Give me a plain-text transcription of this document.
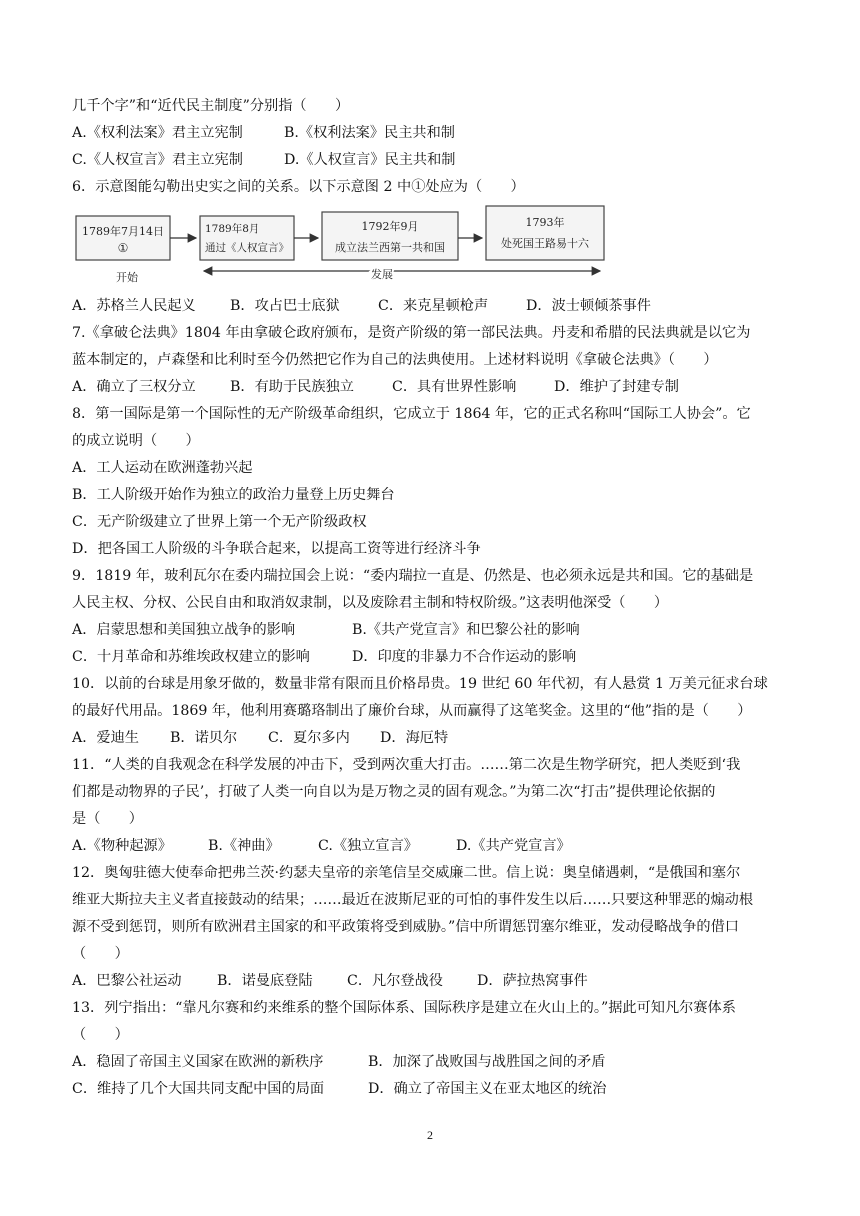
几千个字”和“近代民主制度”分别指（　　）
A.《权利法案》君主立宪制	B.《权利法案》民主共和制
C.《人权宣言》君主立宪制	D.《人权宣言》民主共和制
6．示意图能勾勒出史实之间的关系。以下示意图 2 中①处应为（　　）
1789年7月14日
①
1789年8月
通过《人权宣言》
1792年9月
成立法兰西第一共和国
1793年
处死国王路易十六
开始	发展
A．苏格兰人民起义 B．攻占巴士底狱	C．来克星顿枪声	D．波士顿倾茶事件
7.《拿破仑法典》1804 年由拿破仑政府颁布，是资产阶级的第一部民法典。丹麦和希腊的民法典就是以它为
蓝本制定的，卢森堡和比利时至今仍然把它作为自己的法典使用。上述材料说明《拿破仑法典》（　　）
A．确立了三权分立 B．有助于民族独立	C．具有世界性影响	D．维护了封建专制
8．第一国际是第一个国际性的无产阶级革命组织，它成立于 1864 年，它的正式名称叫“国际工人协会”。它
的成立说明（　　）
A．工人运动在欧洲蓬勃兴起
B．工人阶级开始作为独立的政治力量登上历史舞台
C．无产阶级建立了世界上第一个无产阶级政权
D．把各国工人阶级的斗争联合起来，以提高工资等进行经济斗争
9．1819 年，玻利瓦尔在委内瑞拉国会上说：“委内瑞拉一直是、仍然是、也必须永远是共和国。它的基础是
人民主权、分权、公民自由和取消奴隶制，以及废除君主制和特权阶级。”这表明他深受（　　）
A．启蒙思想和美国独立战争的影响	B.《共产党宣言》和巴黎公社的影响
C．十月革命和苏维埃政权建立的影响	D．印度的非暴力不合作运动的影响
10．以前的台球是用象牙做的，数量非常有限而且价格昂贵。19 世纪 60 年代初，有人悬赏 1 万美元征求台球
的最好代用品。1869 年，他利用赛璐珞制出了廉价台球，从而赢得了这笔奖金。这里的“他”指的是（　　）
A．爱迪生 B．诺贝尔 C．夏尔多内 D．海厄特
11．“人类的自我观念在科学发展的冲击下，受到两次重大打击。……第二次是生物学研究，把人类贬到‘我
们都是动物界的子民’，打破了人类一向自以为是万物之灵的固有观念。”为第二次“打击”提供理论依据的
是（　　）
A.《物种起源》	B.《神曲》	C.《独立宣言》	D.《共产党宣言》
12．奥匈驻德大使奉命把弗兰茨·约瑟夫皇帝的亲笔信呈交威廉二世。信上说：奥皇储遇刺，“是俄国和塞尔
维亚大斯拉夫主义者直接鼓动的结果；……最近在波斯尼亚的可怕的事件发生以后……只要这种罪恶的煽动根
源不受到惩罚，则所有欧洲君主国家的和平政策将受到威胁。”信中所谓惩罚塞尔维亚，发动侵略战争的借口
（　　）
A．巴黎公社运动 B．诺曼底登陆 C．凡尔登战役 D．萨拉热窝事件
13．列宁指出：“靠凡尔赛和约来维系的整个国际体系、国际秩序是建立在火山上的。”据此可知凡尔赛体系
（　　）
A．稳固了帝国主义国家在欧洲的新秩序	B．加深了战败国与战胜国之间的矛盾
C．维持了几个大国共同支配中国的局面	D．确立了帝国主义在亚太地区的统治
2
